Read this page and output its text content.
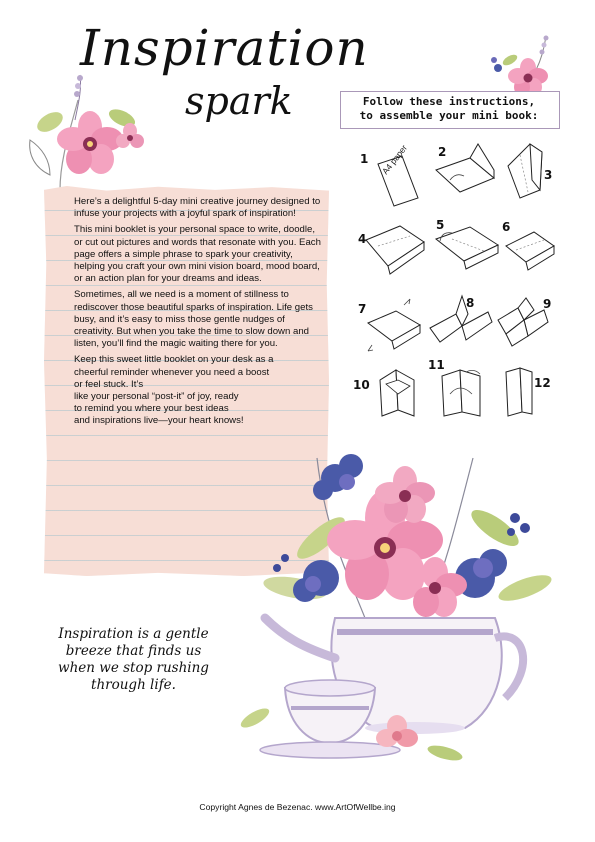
Inspiration
spark

Here’s a delightful 5-day mini creative journey designed to infuse your projects with a joyful spark of inspiration!

This mini booklet is your personal space to write, doodle, or cut out pictures and words that resonate with you. Each page offers a simple phrase to spark your creativity, helping you craft your own mini vision board, mood board, or an action plan for your dreams and ideas.

Sometimes, all we need is a moment of stillness to rediscover those beautiful sparks of inspiration. Life gets busy, and it’s easy to miss those gentle nudges of creativity. But when you take the time to slow down and listen, you’ll find the magic waiting there for you.

Keep this sweet little booklet on your desk as a cheerful reminder whenever you need a boost or feel stuck. It’s

like your personal “post-it” of joy, ready to remind you where your best ideas and inspirations live—your heart knows!

Follow these instructions,
to assemble your mini book:
1 A4 paper 2
3
4
5	6
7	8	9
10
11
12
Inspiration is a gentle breeze that finds us when we stop rushing through life.
Copyright Agnes de Bezenac. www.ArtOfWellbe.ing
